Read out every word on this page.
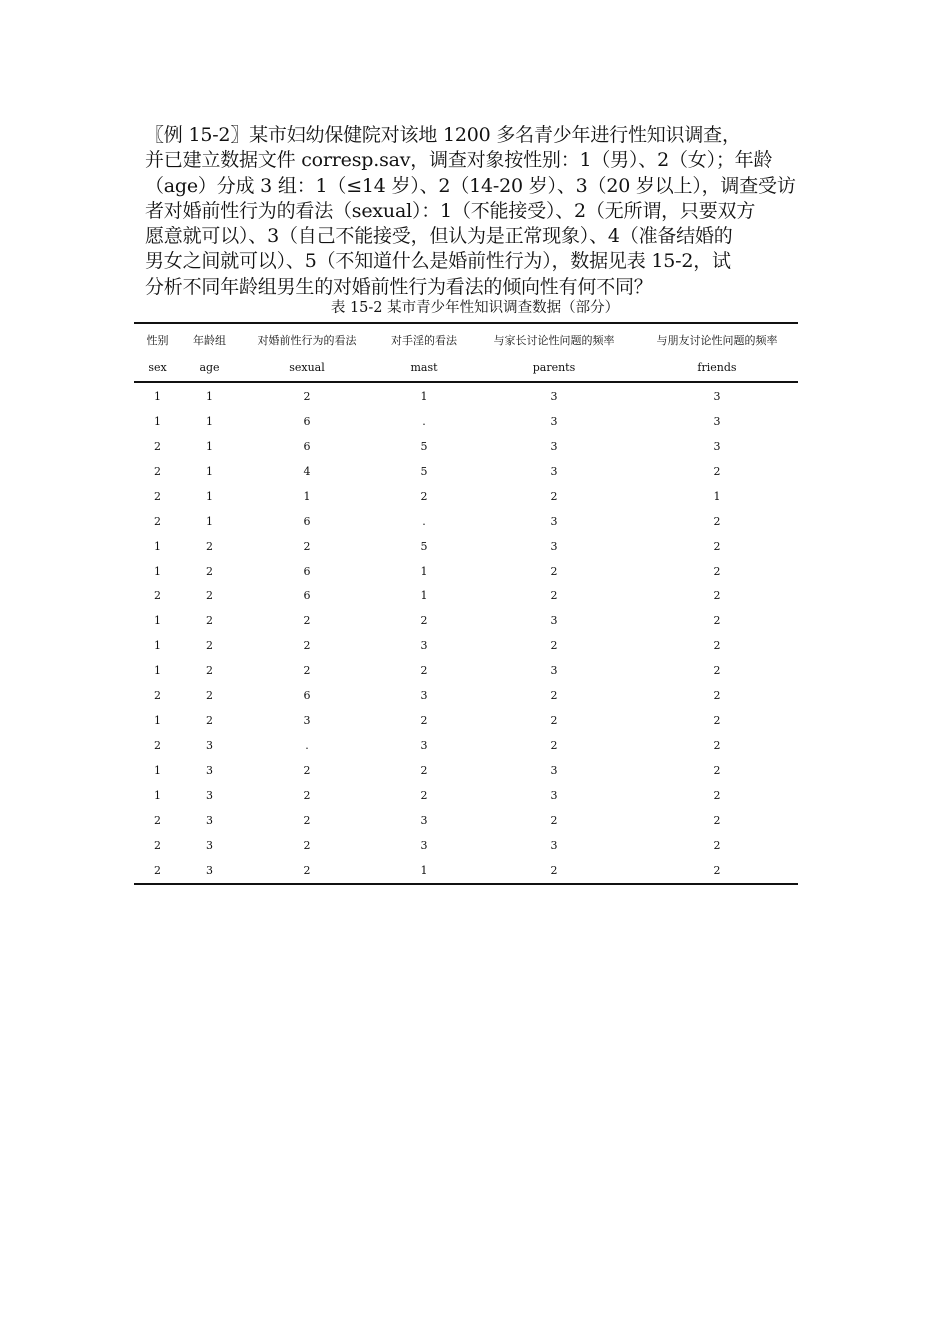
〖例 15-2〗某市妇幼保健院对该地 1200 多名青少年进行性知识调查，
并已建立数据文件 corresp.sav，调查对象按性别：1（男）、2（女）；年龄
（age）分成 3 组：1（≤14 岁）、2（14-20 岁）、3（20 岁以上），调查受访
者对婚前性行为的看法（sexual）：1（不能接受）、2（无所谓，只要双方
愿意就可以）、3（自己不能接受，但认为是正常现象）、4（准备结婚的
男女之间就可以）、5（不知道什么是婚前性行为），数据见表 15-2，试
分析不同年龄组男生的对婚前性行为看法的倾向性有何不同？
表 15-2 某市青少年性知识调查数据（部分）
性别	年龄组	对婚前性行为的看法	对手淫的看法	与家长讨论性问题的频率	与朋友讨论性问题的频率
sex	age	sexual	mast	parents	friends
1	1	2	1	3	3
1	1	6	.	3	3
2	1	6	5	3	3
2	1	4	5	3	2
2	1	1	2	2	1
2	1	6	.	3	2
1	2	2	5	3	2
1	2	6	1	2	2
2	2	6	1	2	2
1	2	2	2	3	2
1	2	2	3	2	2
1	2	2	2	3	2
2	2	6	3	2	2
1	2	3	2	2	2
2	3	.	3	2	2
1	3	2	2	3	2
1	3	2	2	3	2
2	3	2	3	2	2
2	3	2	3	3	2
2	3	2	1	2	2
